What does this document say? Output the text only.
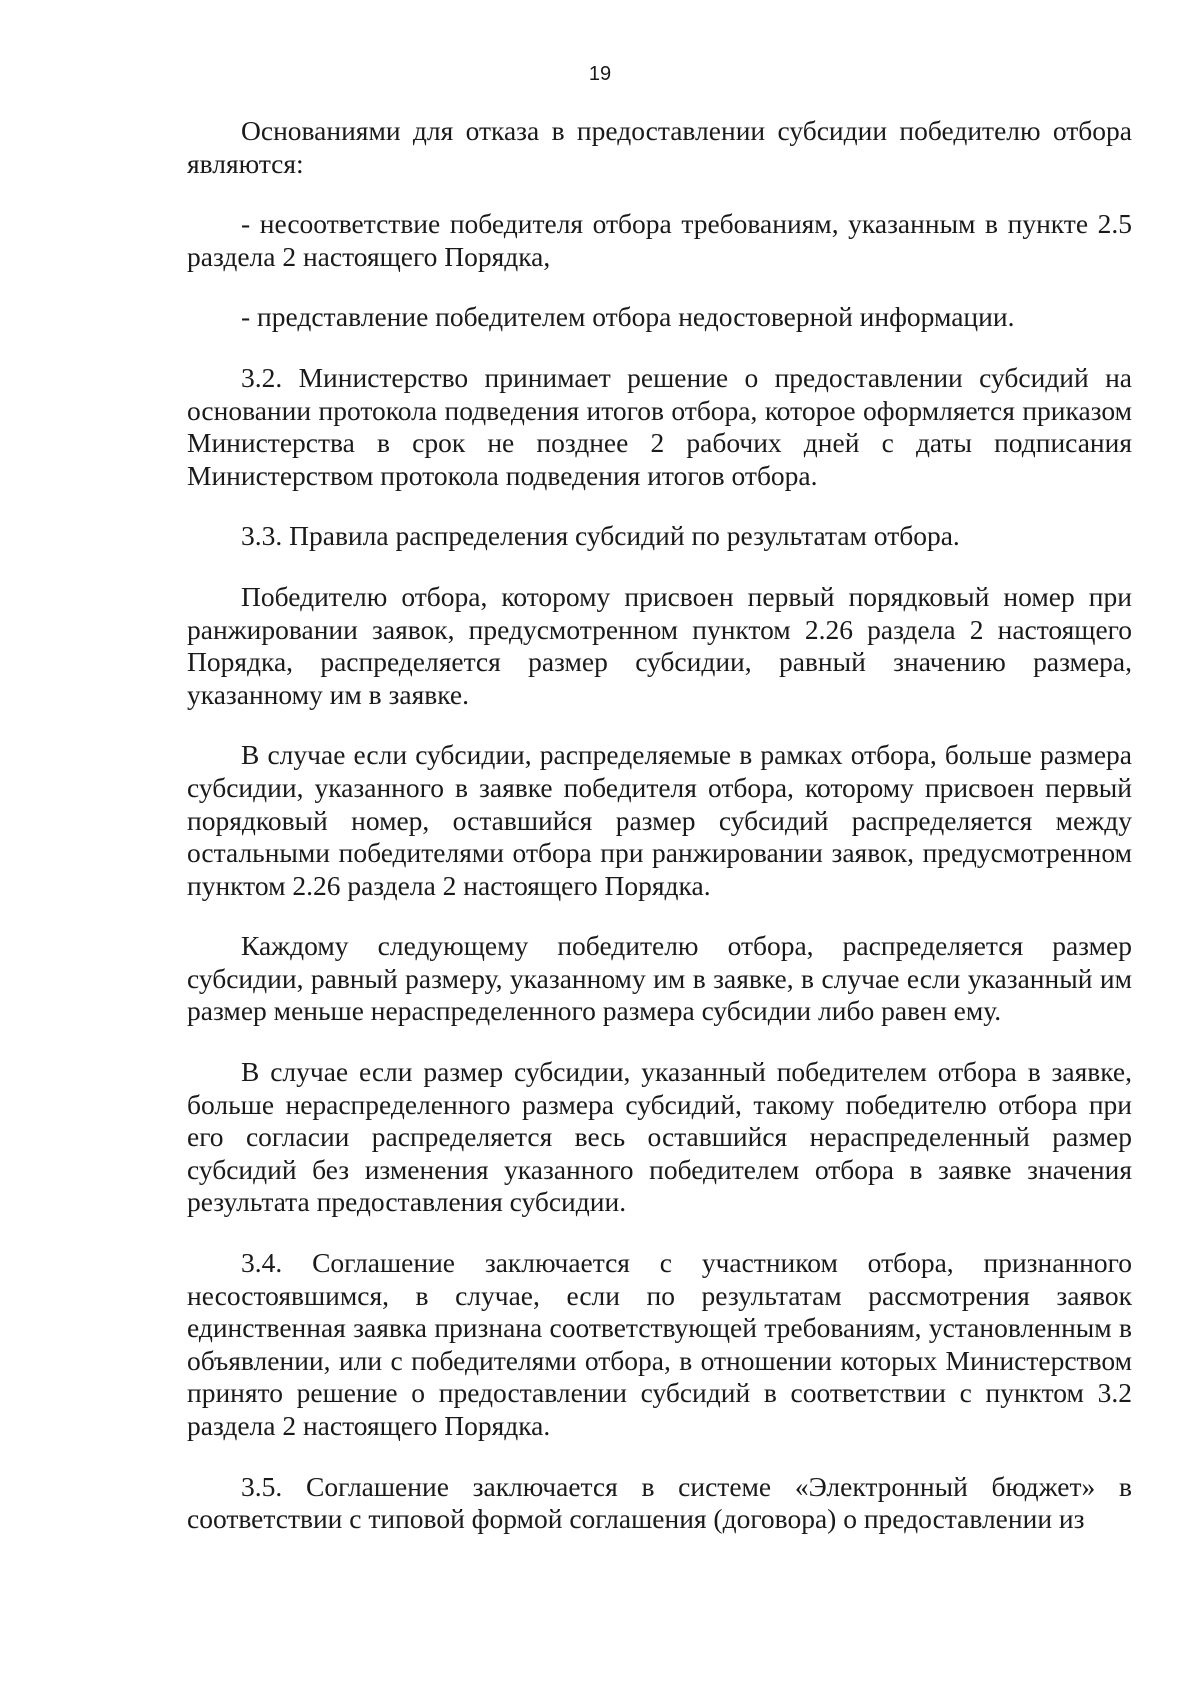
19

Основаниями для отказа в предоставлении субсидии победителю отбора являются:

- несоответствие победителя отбора требованиям, указанным в пункте 2.5 раздела 2 настоящего Порядка,

- представление победителем отбора недостоверной информации.

3.2. Министерство принимает решение о предоставлении субсидий на основании протокола подведения итогов отбора, которое оформляется приказом Министерства в срок не позднее 2 рабочих дней с даты подписания Министерством протокола подведения итогов отбора.

3.3. Правила распределения субсидий по результатам отбора.

Победителю отбора, которому присвоен первый порядковый номер при ранжировании заявок, предусмотренном пунктом 2.26 раздела 2 настоящего Порядка, распределяется размер субсидии, равный значению размера, указанному им в заявке.

В случае если субсидии, распределяемые в рамках отбора, больше размера субсидии, указанного в заявке победителя отбора, которому присвоен первый порядковый номер, оставшийся размер субсидий распределяется между остальными победителями отбора при ранжировании заявок, предусмотренном пунктом 2.26 раздела 2 настоящего Порядка.

Каждому следующему победителю отбора, распределяется размер субсидии, равный размеру, указанному им в заявке, в случае если указанный им размер меньше нераспределенного размера субсидии либо равен ему.

В случае если размер субсидии, указанный победителем отбора в заявке, больше нераспределенного размера субсидий, такому победителю отбора при его согласии распределяется весь оставшийся нераспределенный размер субсидий без изменения указанного победителем отбора в заявке значения результата предоставления субсидии.

3.4. Соглашение заключается с участником отбора, признанного несостоявшимся, в случае, если по результатам рассмотрения заявок единственная заявка признана соответствующей требованиям, установленным в объявлении, или с победителями отбора, в отношении которых Министерством принято решение о предоставлении субсидий в соответствии с пунктом 3.2 раздела 2 настоящего Порядка.

3.5. Соглашение заключается в системе «Электронный бюджет» в соответствии с типовой формой соглашения (договора) о предоставлении из
